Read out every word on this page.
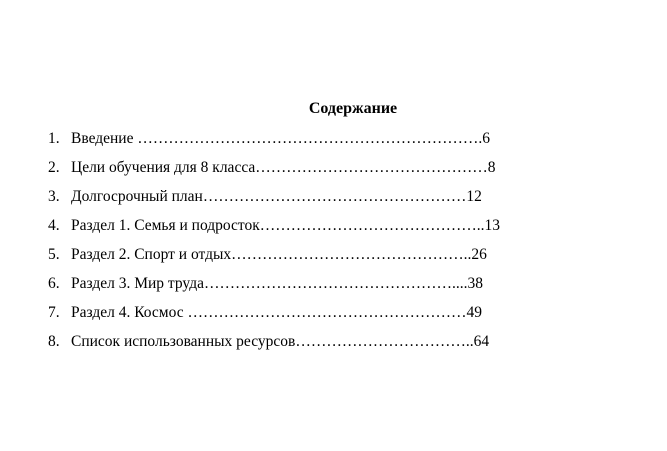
Содержание
1. Введение ………………………………………………………….6
2. Цели обучения для 8 класса………………………………………8
3. Долгосрочный план……………………………………………12
4. Раздел 1. Семья и подросток……………………………………..13
5. Раздел 2. Спорт и отдых………………………………………..26
6. Раздел 3. Мир труда…………………………………………....38
7. Раздел 4. Космос ………………………………………………49
8. Список использованных ресурсов……………………………..64
